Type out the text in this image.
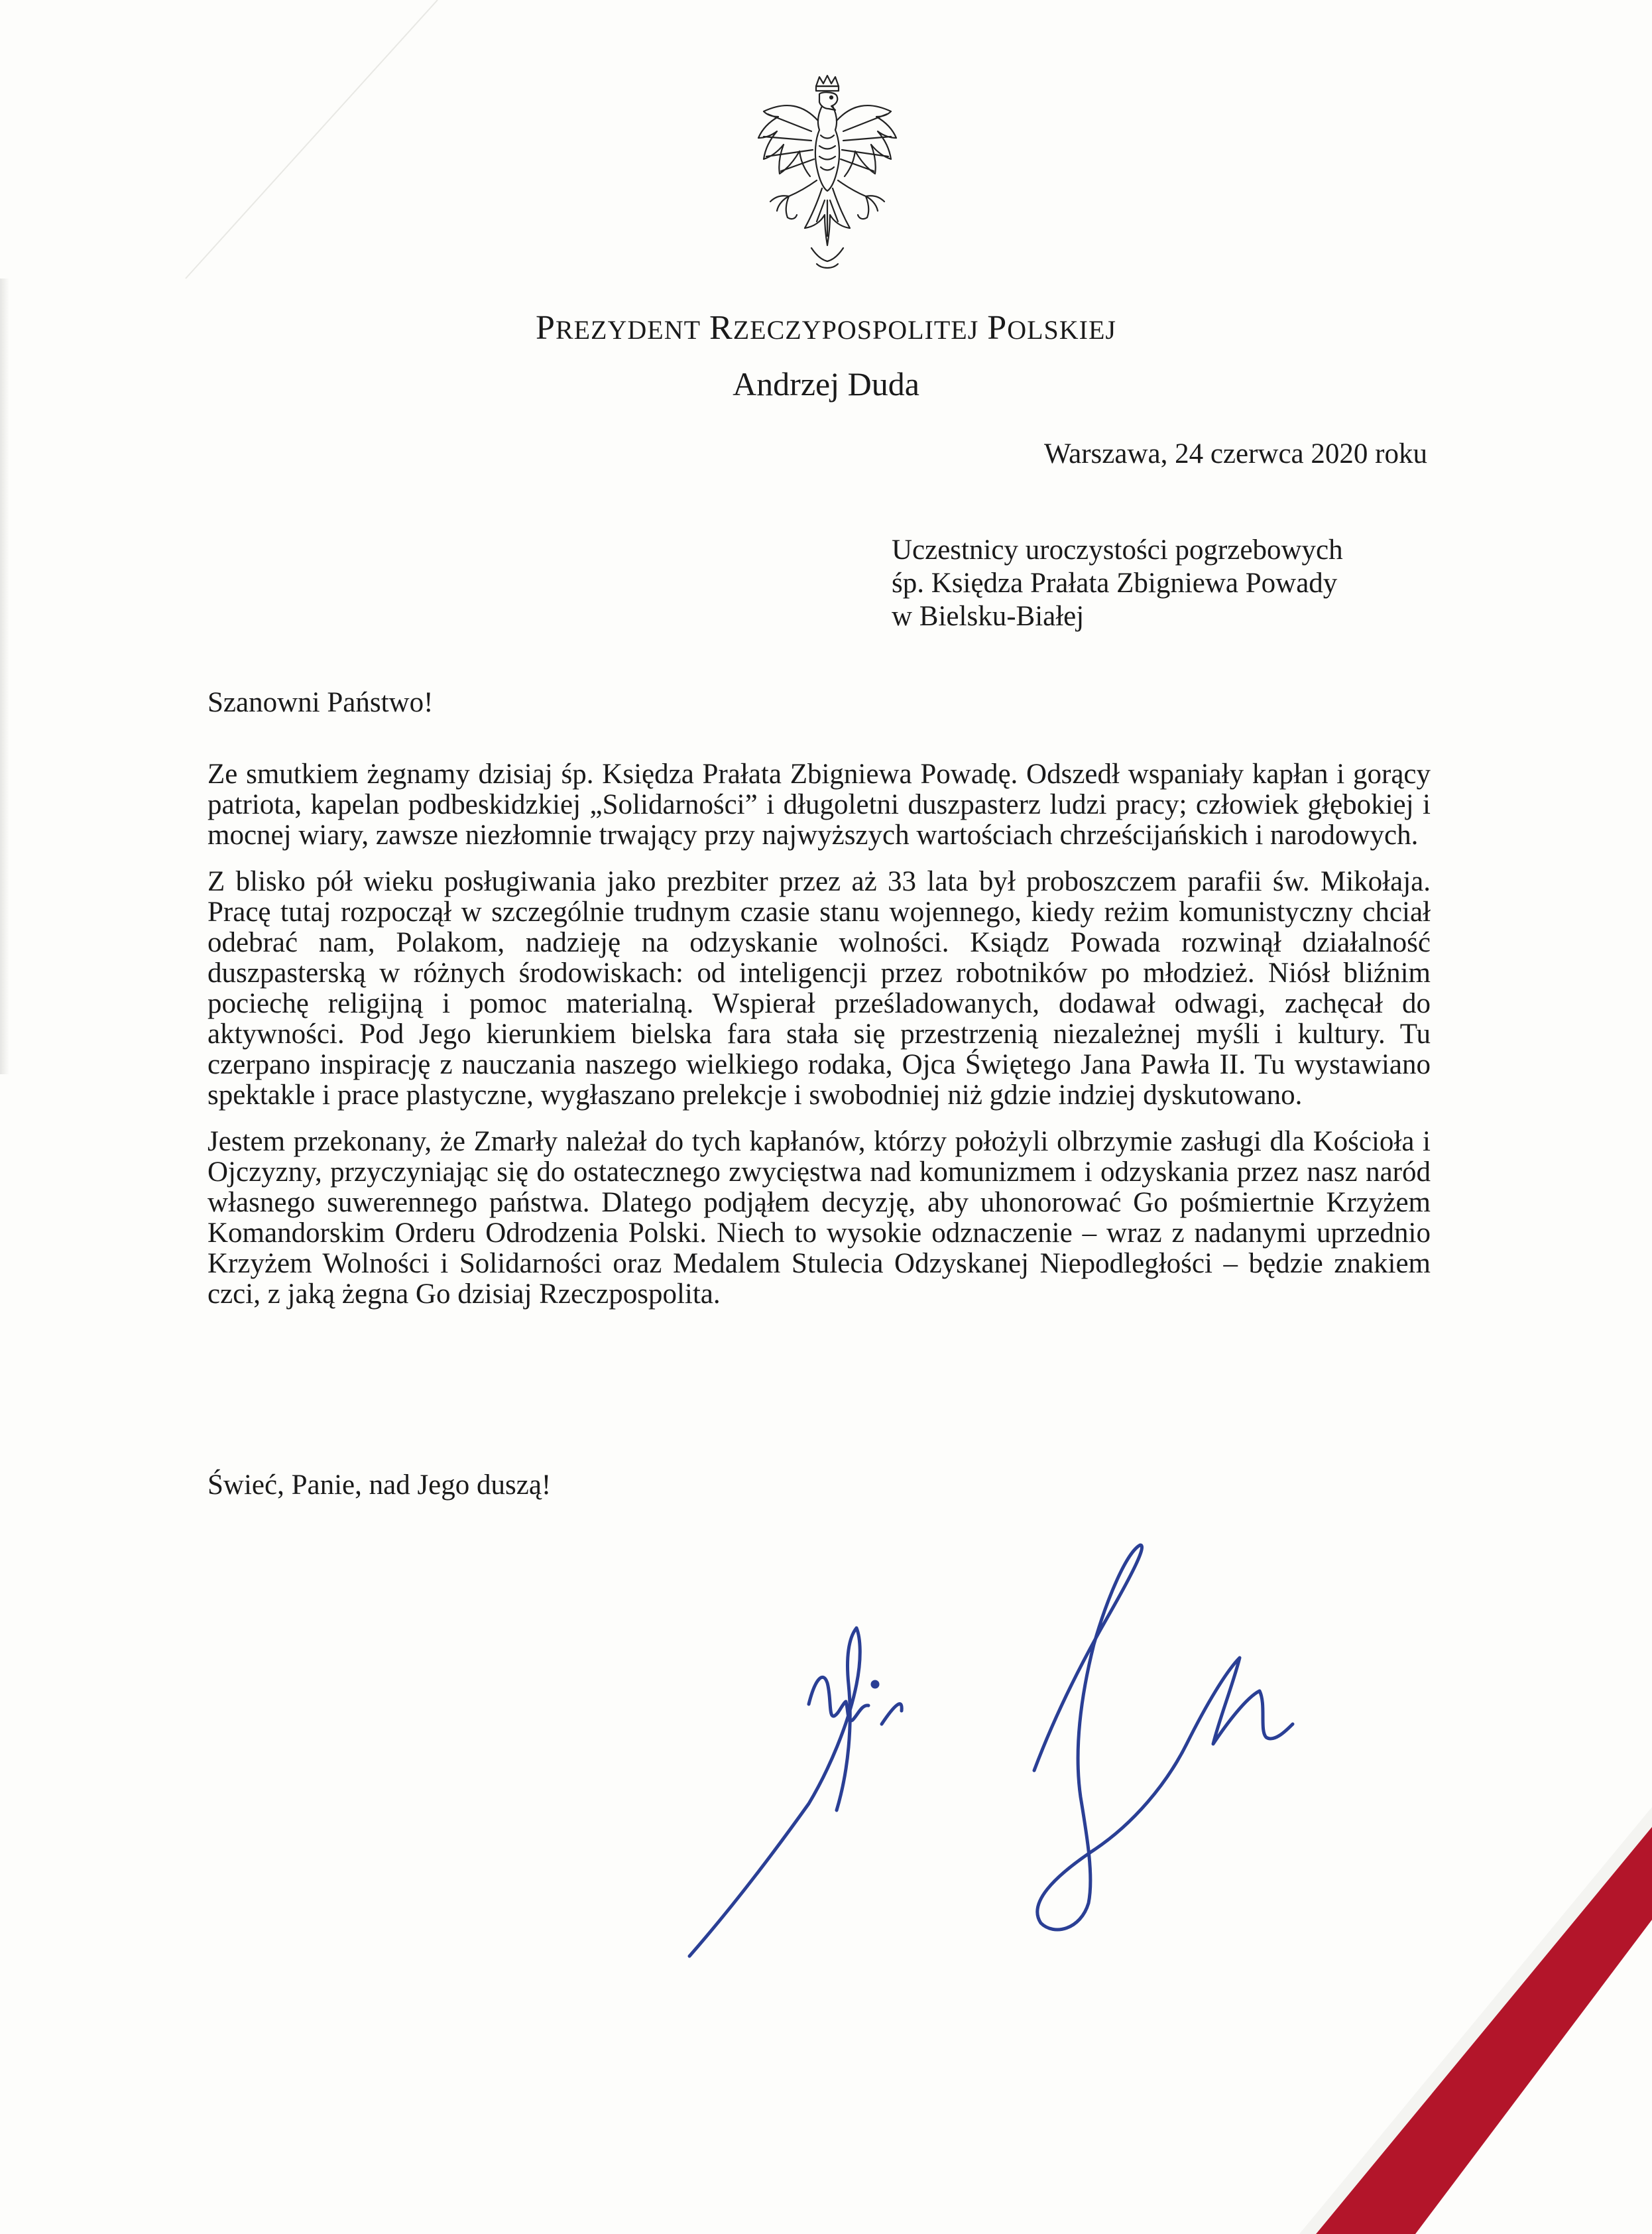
PREZYDENT RZECZYPOSPOLITEJ POLSKIEJ
Andrzej Duda
Warszawa, 24 czerwca 2020 roku
Uczestnicy uroczystości pogrzebowych
śp. Księdza Prałata Zbigniewa Powady
w Bielsku-Białej
Szanowni Państwo!

Ze smutkiem żegnamy dzisiaj śp. Księdza Prałata Zbigniewa Powadę. Odszedł wspaniały kapłan i gorący patriota, kapelan podbeskidzkiej „Solidarności” i długoletni duszpasterz ludzi pracy; człowiek głębokiej i mocnej wiary, zawsze niezłomnie trwający przy najwyższych wartościach chrześcijańskich i narodowych.

Z blisko pół wieku posługiwania jako prezbiter przez aż 33 lata był proboszczem parafii św. Mikołaja. Pracę tutaj rozpoczął w szczególnie trudnym czasie stanu wojennego, kiedy reżim komunistyczny chciał odebrać nam, Polakom, nadzieję na odzyskanie wolności. Ksiądz Powada rozwinął działalność duszpasterską w różnych środowiskach: od inteligencji przez robotników po młodzież. Niósł bliźnim pociechę religijną i pomoc materialną. Wspierał prześladowanych, dodawał odwagi, zachęcał do aktywności. Pod Jego kierunkiem bielska fara stała się przestrzenią niezależnej myśli i kultury. Tu czerpano inspirację z nauczania naszego wielkiego rodaka, Ojca Świętego Jana Pawła II. Tu wystawiano spektakle i prace plastyczne, wygłaszano prelekcje i swobodniej niż gdzie indziej dyskutowano.

Jestem przekonany, że Zmarły należał do tych kapłanów, którzy położyli olbrzymie zasługi dla Kościoła i Ojczyzny, przyczyniając się do ostatecznego zwycięstwa nad komunizmem i odzyskania przez nasz naród własnego suwerennego państwa. Dlatego podjąłem decyzję, aby uhonorować Go pośmiertnie Krzyżem Komandorskim Orderu Odrodzenia Polski. Niech to wysokie odznaczenie – wraz z nadanymi uprzednio Krzyżem Wolności i Solidarności oraz Medalem Stulecia Odzyskanej Niepodległości – będzie znakiem czci, z jaką żegna Go dzisiaj Rzeczpospolita.

Świeć, Panie, nad Jego duszą!
